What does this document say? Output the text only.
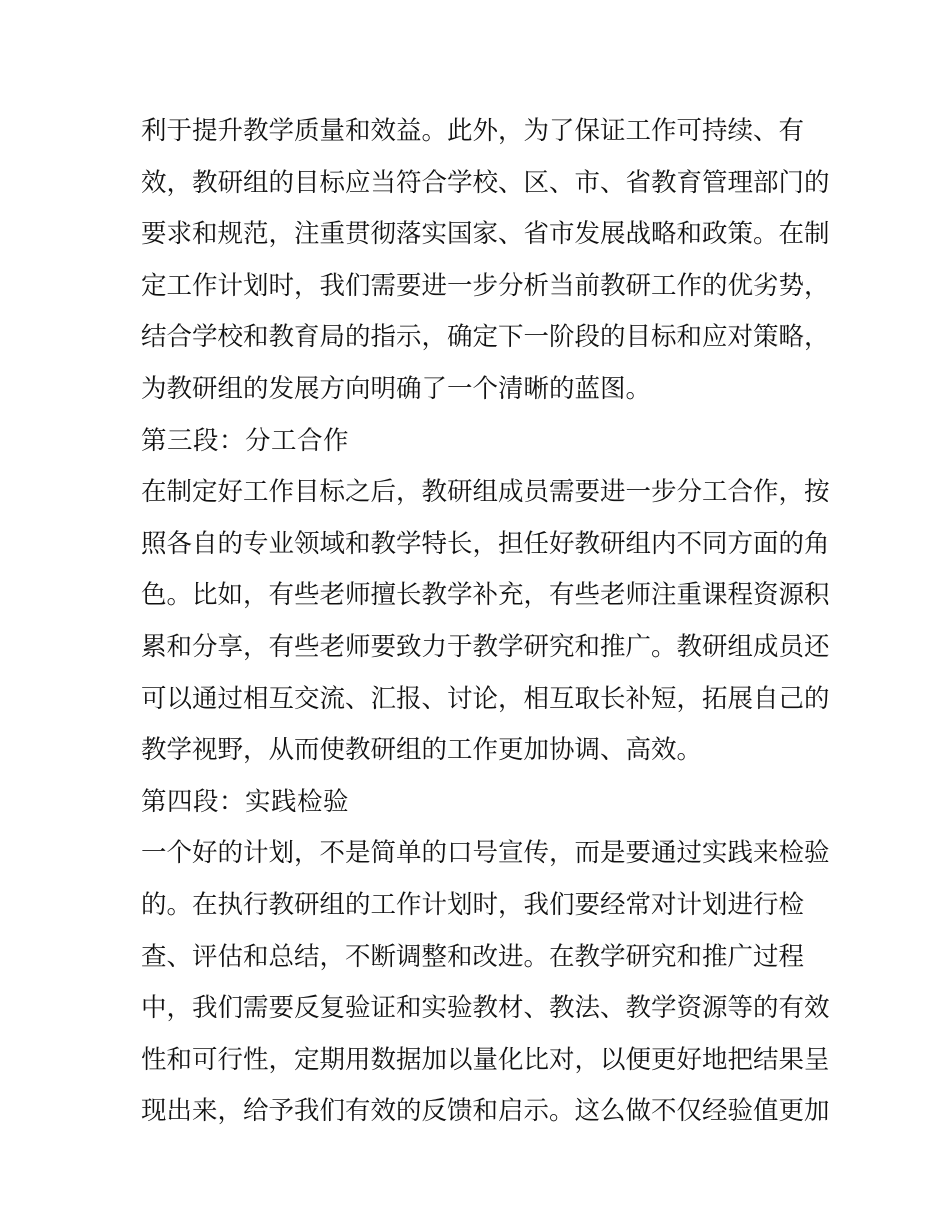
利于提升教学质量和效益。此外，为了保证工作可持续、有
效，教研组的目标应当符合学校、区、市、省教育管理部门的
要求和规范，注重贯彻落实国家、省市发展战略和政策。在制
定工作计划时，我们需要进一步分析当前教研工作的优劣势，
结合学校和教育局的指示，确定下一阶段的目标和应对策略，
为教研组的发展方向明确了一个清晰的蓝图。
第三段：分工合作
在制定好工作目标之后，教研组成员需要进一步分工合作，按
照各自的专业领域和教学特长，担任好教研组内不同方面的角
色。比如，有些老师擅长教学补充，有些老师注重课程资源积
累和分享，有些老师要致力于教学研究和推广。教研组成员还
可以通过相互交流、汇报、讨论，相互取长补短，拓展自己的
教学视野，从而使教研组的工作更加协调、高效。
第四段：实践检验
一个好的计划，不是简单的口号宣传，而是要通过实践来检验
的。在执行教研组的工作计划时，我们要经常对计划进行检
查、评估和总结，不断调整和改进。在教学研究和推广过程
中，我们需要反复验证和实验教材、教法、教学资源等的有效
性和可行性，定期用数据加以量化比对，以便更好地把结果呈
现出来，给予我们有效的反馈和启示。这么做不仅经验值更加
